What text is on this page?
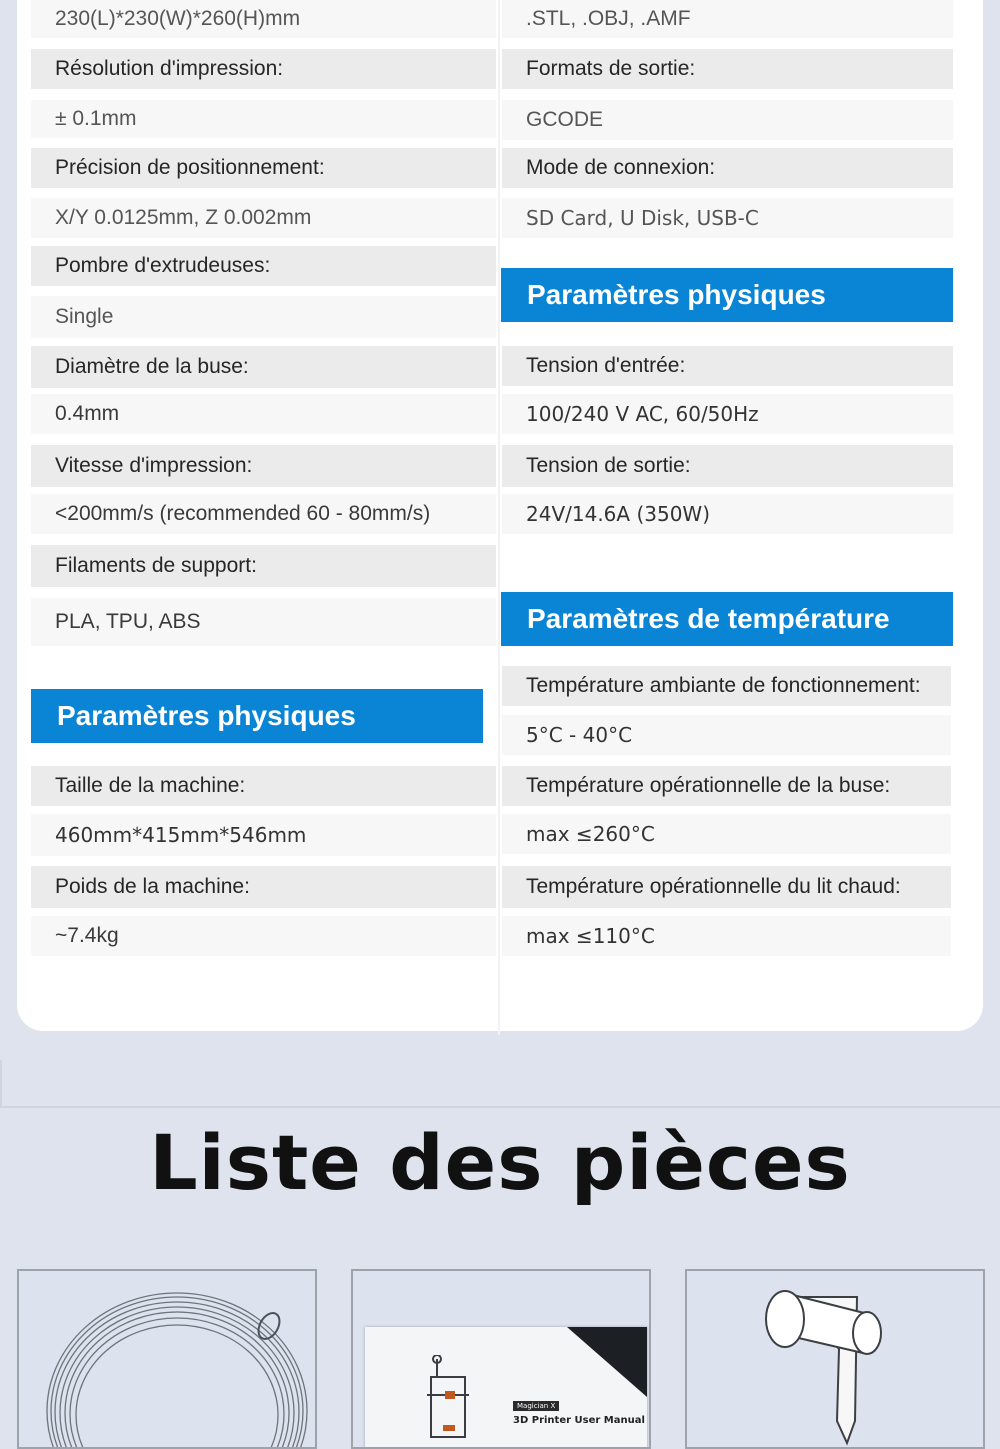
230(L)*230(W)*260(H)mm
Résolution d'impression:
± 0.1mm
Précision de positionnement:
X/Y 0.0125mm, Z 0.002mm
Pombre d'extrudeuses:
Single
Diamètre de la buse:
0.4mm
Vitesse d'impression:
<200mm/s (recommended 60 - 80mm/s)
Filaments de support:
PLA, TPU, ABS
Paramètres physiques
Taille de la machine:
460mm*415mm*546mm
Poids de la machine:
~7.4kg
.STL, .OBJ, .AMF
Formats de sortie:
GCODE
Mode de connexion:
SD Card, U Disk, USB-C
Paramètres physiques
Tension d'entrée:
100/240 V AC, 60/50Hz
Tension de sortie:
24V/14.6A (350W)
Paramètres de température
Température ambiante de fonctionnement:
5°C - 40°C
Température opérationnelle de la buse:
max ≤260°C
Température opérationnelle du lit chaud:
max ≤110°C
Liste des pièces
Magician X
3D Printer User Manual
